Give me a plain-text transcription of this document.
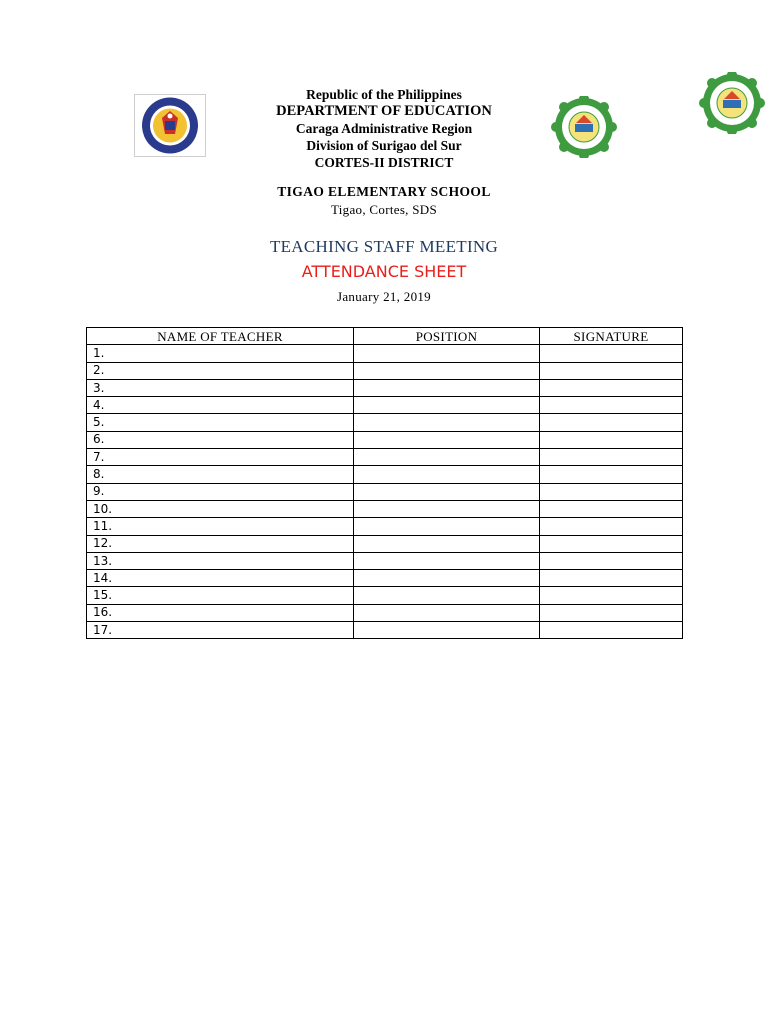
Republic of the Philippines
DEPARTMENT OF EDUCATION
Caraga Administrative Region
Division of Surigao del Sur
CORTES-II DISTRICT
TIGAO ELEMENTARY SCHOOL
Tigao, Cortes, SDS
TEACHING STAFF MEETING
ATTENDANCE SHEET
January 21, 2019
NAME OF TEACHER	POSITION	SIGNATURE
1.		
2.		
3.		
4.		
5.		
6.		
7.		
8.		
9.		
10.		
11.		
12.		
13.		
14.		
15.		
16.		
17.		
